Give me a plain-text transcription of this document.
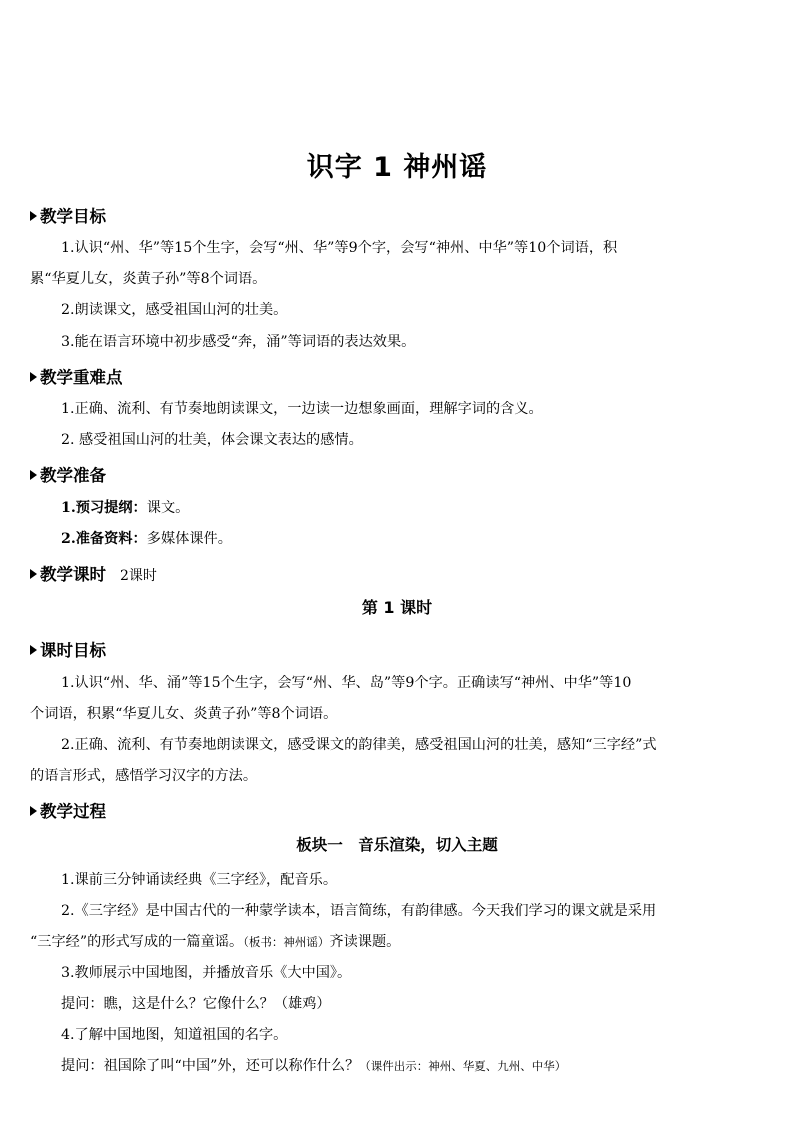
识字 1 神州谣
教学目标
1.认识“州、华”等15个生字，会写“州、华”等9个字，会写“神州、中华”等10个词语，积
累“华夏儿女，炎黄子孙”等8个词语。
2.朗读课文，感受祖国山河的壮美。
3.能在语言环境中初步感受“奔，涌”等词语的表达效果。
教学重难点
1.正确、流利、有节奏地朗读课文，一边读一边想象画面，理解字词的含义。
2. 感受祖国山河的壮美，体会课文表达的感情。
教学准备
1.预习提纲：课文。
2.准备资料：多媒体课件。
教学课时 2课时
第 1 课时
课时目标
1.认识“州、华、涌”等15个生字，会写“州、华、岛”等9个字。正确读写“神州、中华”等10
个词语，积累“华夏儿女、炎黄子孙”等8个词语。
2.正确、流利、有节奏地朗读课文，感受课文的韵律美，感受祖国山河的壮美，感知“三字经”式
的语言形式，感悟学习汉字的方法。
教学过程
板块一　音乐渲染，切入主题
1.课前三分钟诵读经典《三字经》，配音乐。
2.《三字经》是中国古代的一种蒙学读本，语言简练，有韵律感。今天我们学习的课文就是采用
“三字经”的形式写成的一篇童谣。（板书：神州谣）齐读课题。
3.教师展示中国地图，并播放音乐《大中国》。
提问：瞧，这是什么？它像什么？（雄鸡）
4.了解中国地图，知道祖国的名字。
提问：祖国除了叫“中国”外，还可以称作什么？（课件出示：神州、华夏、九州、中华）
